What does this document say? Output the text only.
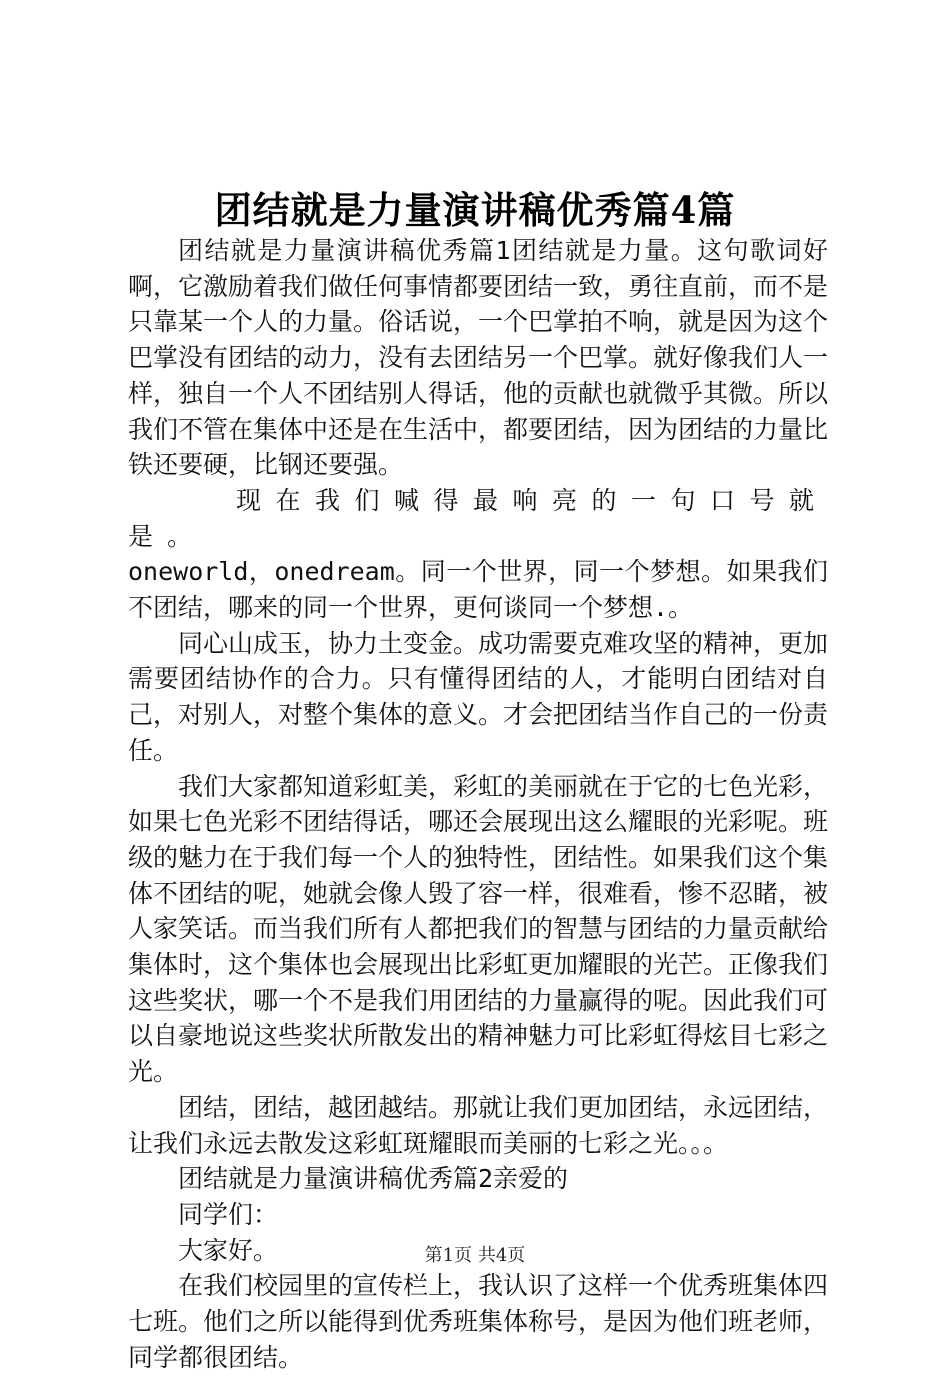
团结就是力量演讲稿优秀篇4篇

团结就是力量演讲稿优秀篇1团结就是力量。这句歌词好啊，它激励着我们做任何事情都要团结一致，勇往直前，而不是只靠某一个人的力量。俗话说，一个巴掌拍不响，就是因为这个巴掌没有团结的动力，没有去团结另一个巴掌。就好像我们人一样，独自一个人不团结别人得话，他的贡献也就微乎其微。所以我们不管在集体中还是在生活中，都要团结，因为团结的力量比铁还要硬，比钢还要强。

现在我们喊得最响亮的一句口号就是。

oneworld，onedream。同一个世界，同一个梦想。如果我们不团结，哪来的同一个世界，更何谈同一个梦想.。

同心山成玉，协力土变金。成功需要克难攻坚的精神，更加需要团结协作的合力。只有懂得团结的人，才能明白团结对自己，对别人，对整个集体的意义。才会把团结当作自己的一份责任。

我们大家都知道彩虹美，彩虹的美丽就在于它的七色光彩，如果七色光彩不团结得话，哪还会展现出这么耀眼的光彩呢。班级的魅力在于我们每一个人的独特性，团结性。如果我们这个集体不团结的呢，她就会像人毁了容一样，很难看，惨不忍睹，被人家笑话。而当我们所有人都把我们的智慧与团结的力量贡献给集体时，这个集体也会展现出比彩虹更加耀眼的光芒。正像我们这些奖状，哪一个不是我们用团结的力量赢得的呢。因此我们可以自豪地说这些奖状所散发出的精神魅力可比彩虹得炫目七彩之光。

团结，团结，越团越结。那就让我们更加团结，永远团结，让我们永远去散发这彩虹斑耀眼而美丽的七彩之光。。。

团结就是力量演讲稿优秀篇2亲爱的

同学们：

大家好。

在我们校园里的宣传栏上，我认识了这样一个优秀班集体四七班。他们之所以能得到优秀班集体称号，是因为他们班老师，同学都很团结。

第1页 共4页
